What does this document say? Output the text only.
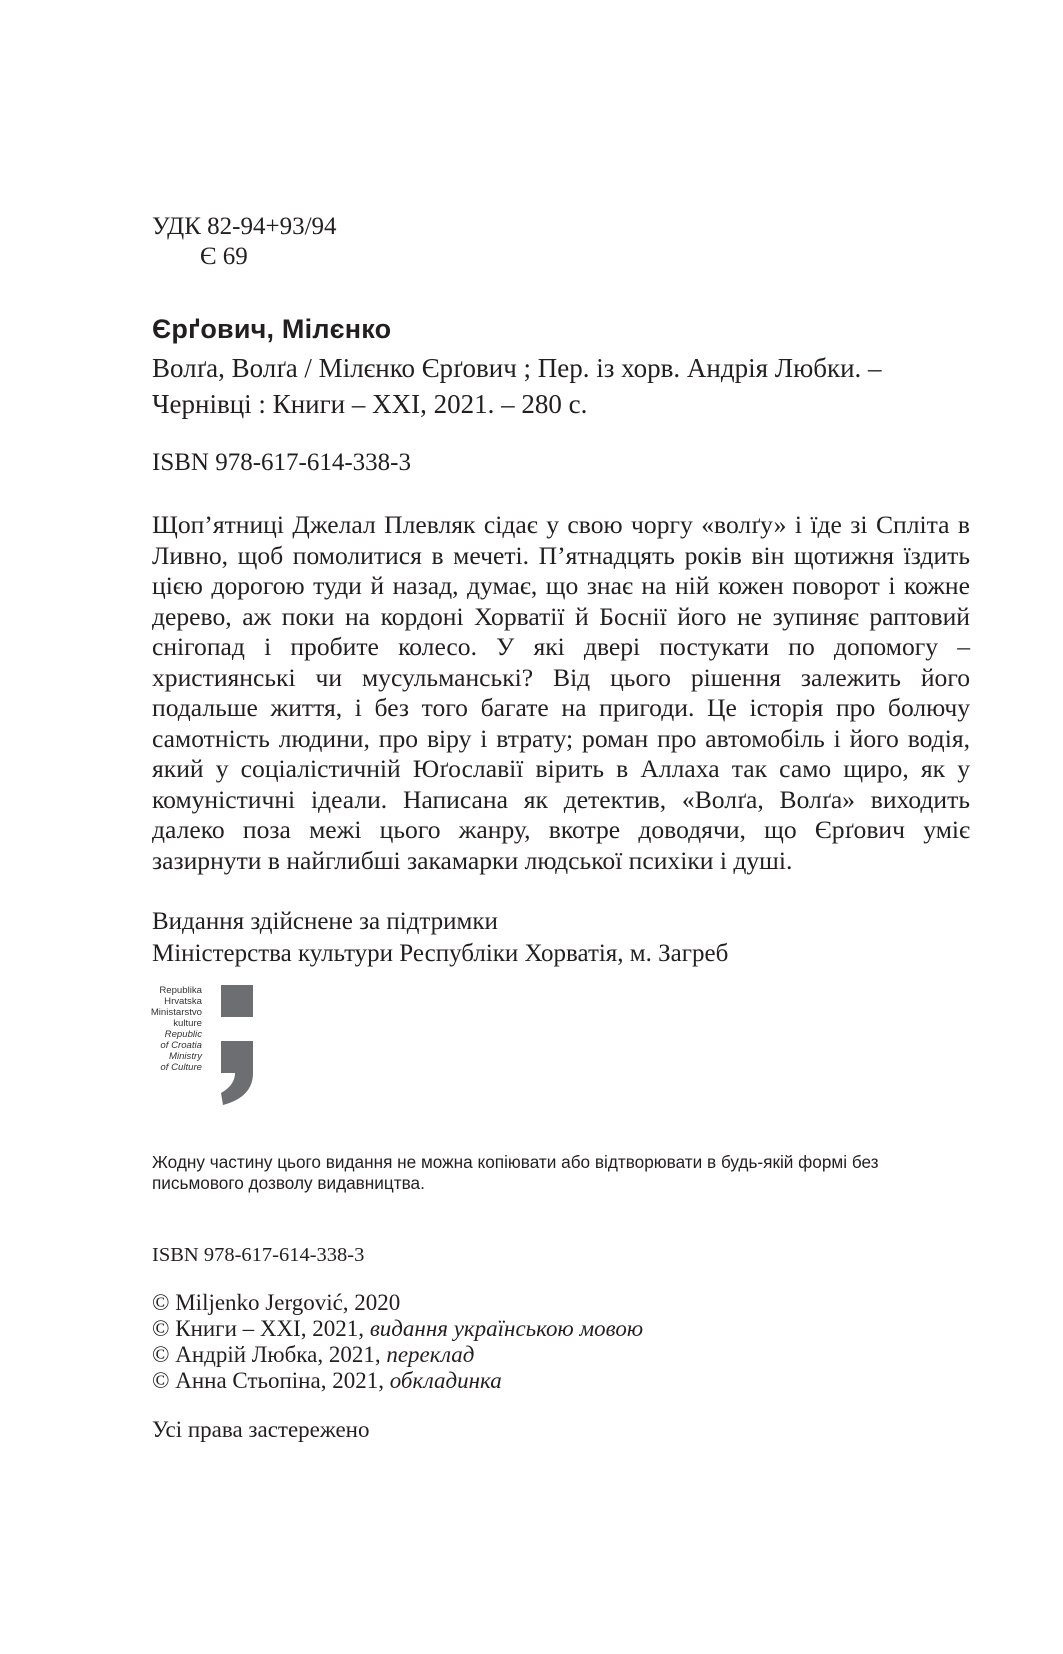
УДК 82-94+93/94
Є 69
Єрґович, Мілєнко
Волґа, Волґа / Мілєнко Єрґович ; Пер. із хорв. Андрія Любки. –
Чернівці : Книги – ХХІ, 2021. – 280 с.
ISBN 978-617-614-338-3
Щоп’ятниці Джелал Плевляк сідає у свою чоргу «волґу» і їде зі Спліта в Ливно, щоб помолитися в мечеті. П’ятнадцять років він щотижня їздить цією дорогою туди й назад, думає, що знає на ній кожен поворот і кожне дерево, аж поки на кордоні Хорватії й Боснії його не зупиняє раптовий снігопад і пробите колесо. У які двері постукати по допомогу – християнські чи мусульманські? Від цього рішення залежить його подальше життя, і без того багате на пригоди. Це історія про болючу самотність людини, про віру і втрату; роман про автомобіль і його водія, який у соціалістичній Юґославії вірить в Аллаха так само щиро, як у комуністичні ідеали. Написана як детектив, «Волґа, Волґа» виходить далеко поза межі цього жанру, вкотре доводячи, що Єрґович уміє зазирнути в найглибші закамарки людської психіки і душі.
Видання здійснене за підтримки
Міністерства культури Республіки Хорватія, м. Загреб
Republika
Hrvatska
Ministarstvo
kulture
Republic
of Croatia
Ministry
of Culture
Жодну частину цього видання не можна копіювати або відтворювати в будь-якій формі без письмового дозволу видавництва.
ISBN 978-617-614-338-3
© Miljenko Jergović, 2020
© Книги – ХХІ, 2021, видання українською мовою
© Андрій Любка, 2021, переклад
© Анна Стьопіна, 2021, обкладинка
Усі права застережено
